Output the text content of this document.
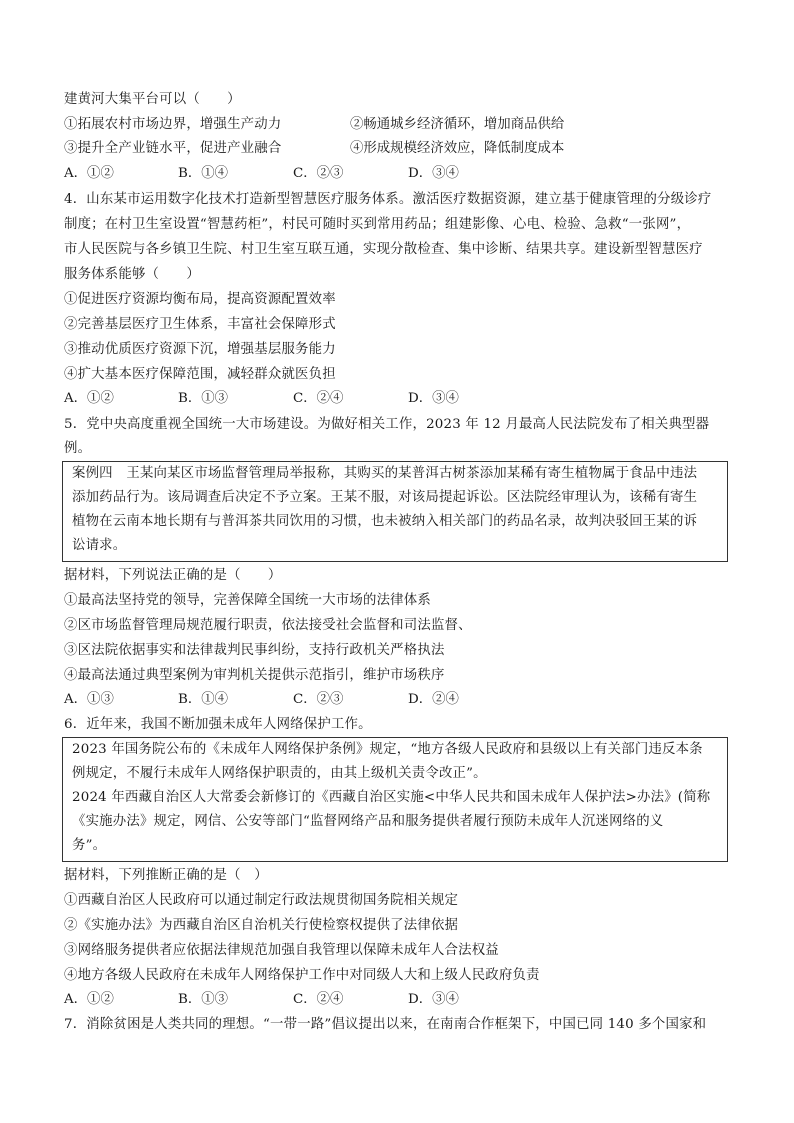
建黄河大集平台可以（　　）
①拓展农村市场边界，增强生产动力	②畅通城乡经济循环，增加商品供给
③提升全产业链水平，促进产业融合	④形成规模经济效应，降低制度成本
A．①②	B．①④	C．②③	D．③④
4．山东某市运用数字化技术打造新型智慧医疗服务体系。激活医疗数据资源，建立基于健康管理的分级诊疗
制度；在村卫生室设置“智慧药柜”，村民可随时买到常用药品；组建影像、心电、检验、急救“一张网”，
市人民医院与各乡镇卫生院、村卫生室互联互通，实现分散检查、集中诊断、结果共享。建设新型智慧医疗
服务体系能够（　　）
①促进医疗资源均衡布局，提高资源配置效率
②完善基层医疗卫生体系，丰富社会保障形式
③推动优质医疗资源下沉，增强基层服务能力
④扩大基本医疗保障范围，减轻群众就医负担
A．①②	B．①③	C．②④	D．③④
5．党中央高度重视全国统一大市场建设。为做好相关工作，2023 年 12 月最高人民法院发布了相关典型器
例。
案例四　王某向某区市场监督管理局举报称，其购买的某普洱古树茶添加某稀有寄生植物属于食品中违法
添加药品行为。该局调查后决定不予立案。王某不服，对该局提起诉讼。区法院经审理认为，该稀有寄生
植物在云南本地长期有与普洱茶共同饮用的习惯，也未被纳入相关部门的药品名录，故判决驳回王某的诉
讼请求。
据材料，下列说法正确的是（　　）
①最高法坚持党的领导，完善保障全国统一大市场的法律体系
②区市场监督管理局规范履行职责，依法接受社会监督和司法监督、
③区法院依据事实和法律裁判民事纠纷，支持行政机关严格执法
④最高法通过典型案例为审判机关提供示范指引，维护市场秩序
A．①③	B．①④	C．②③	D．②④
6．近年来，我国不断加强未成年人网络保护工作。
2023 年国务院公布的《未成年人网络保护条例》规定，“地方各级人民政府和县级以上有关部门违反本条
例规定，不履行未成年人网络保护职责的，由其上级机关责令改正”。
2024 年西藏自治区人大常委会新修订的《西藏自治区实施<中华人民共和国未成年人保护法>办法》(简称
《实施办法》规定，网信、公安等部门“监督网络产品和服务提供者履行预防未成年人沉迷网络的义
务”。
据材料，下列推断正确的是（　）
①西藏自治区人民政府可以通过制定行政法规贯彻国务院相关规定
②《实施办法》为西藏自治区自治机关行使检察权提供了法律依据
③网络服务提供者应依据法律规范加强自我管理以保障未成年人合法权益
④地方各级人民政府在未成年人网络保护工作中对同级人大和上级人民政府负责
A．①②	B．①③	C．②④	D．③④
7．消除贫困是人类共同的理想。“一带一路”倡议提出以来，在南南合作框架下，中国已同 140 多个国家和
